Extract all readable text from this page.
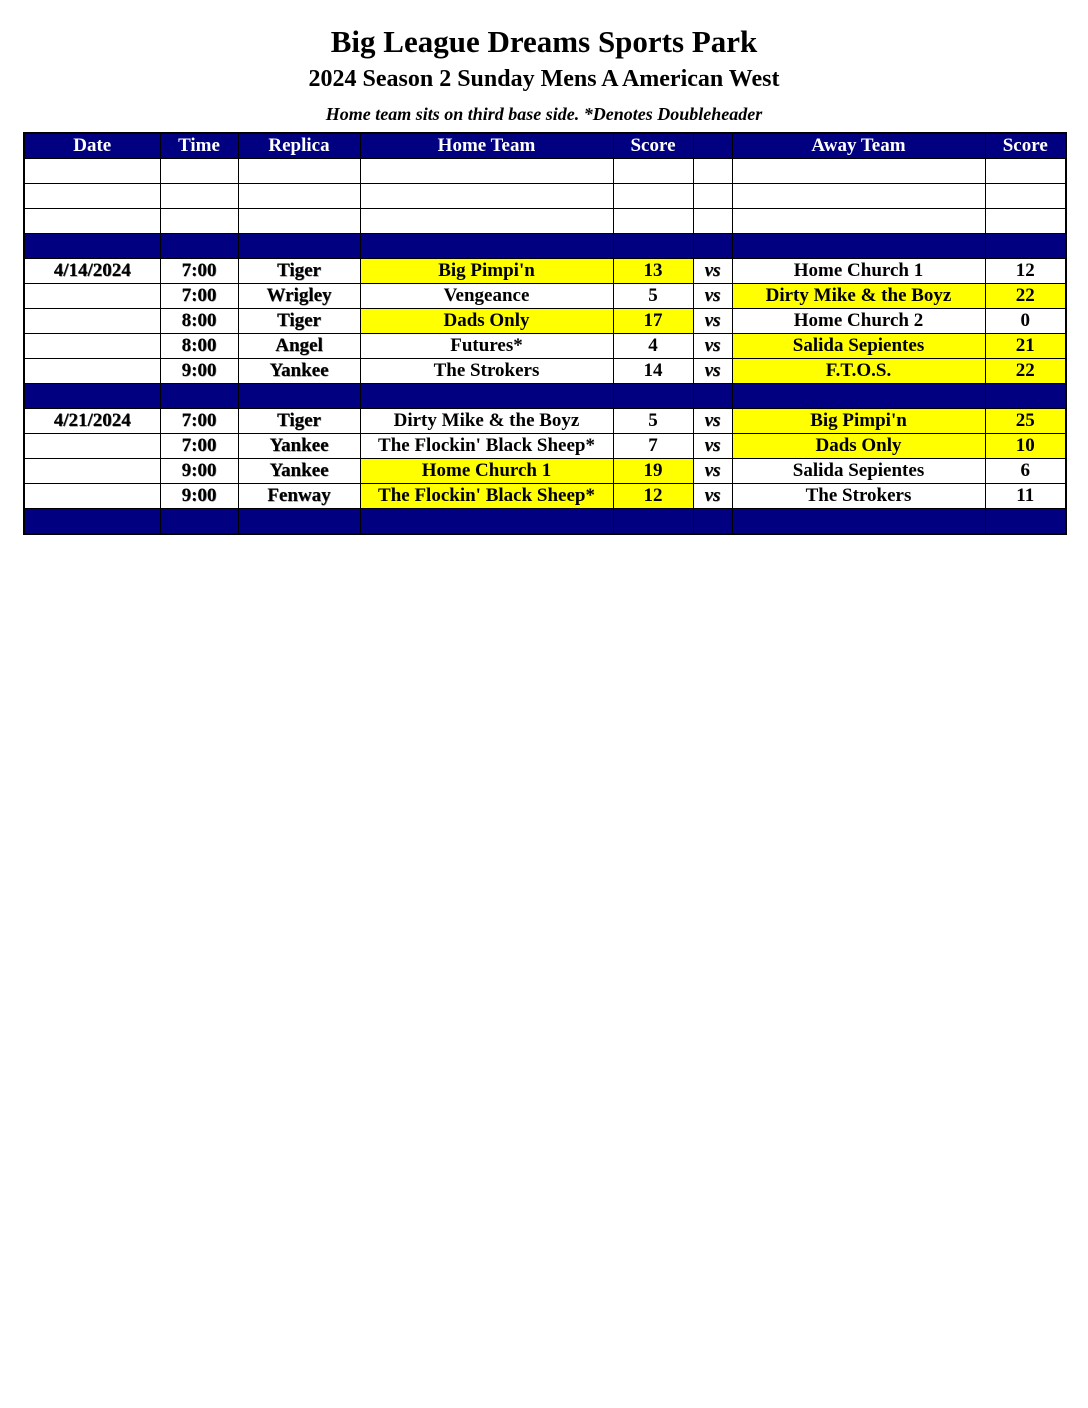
Big League Dreams Sports Park
2024 Season 2 Sunday Mens A American West
Home team sits on third base side. *Denotes Doubleheader
Date	Time	Replica	Home Team	Score		Away Team	Score

4/14/2024	7:00	Tiger	Big Pimpi'n	13	vs	Home Church 1	12
	7:00	Wrigley	Vengeance	5	vs	Dirty Mike & the Boyz	22
	8:00	Tiger	Dads Only	17	vs	Home Church 2	0
	8:00	Angel	Futures*	4	vs	Salida Sepientes	21
	9:00	Yankee	The Strokers	14	vs	F.T.O.S.	22

4/21/2024	7:00	Tiger	Dirty Mike & the Boyz	5	vs	Big Pimpi'n	25
	7:00	Yankee	The Flockin' Black Sheep*	7	vs	Dads Only	10
	9:00	Yankee	Home Church 1	19	vs	Salida Sepientes	6
	9:00	Fenway	The Flockin' Black Sheep*	12	vs	The Strokers	11
